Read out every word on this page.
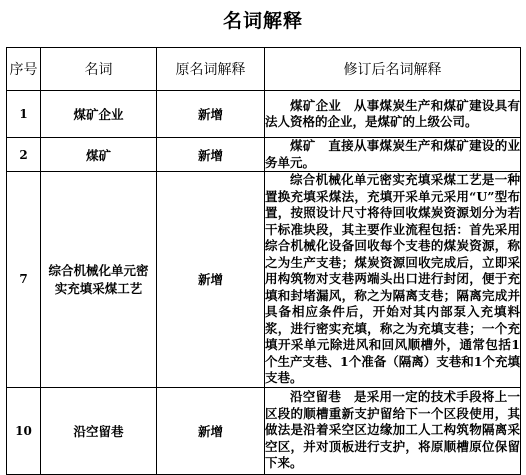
名词解释
序号	名词	原名词解释	修订后名词解释
1	煤矿企业	新增	煤矿企业　从事煤炭生产和煤矿建设具有法人资格的企业，是煤矿的上级公司。

2	煤矿	新增	煤矿　直接从事煤炭生产和煤矿建设的业务单元。

7	综合机械化单元密实充填采煤工艺	新增	综合机械化单元密实充填采煤工艺是一种置换充填采煤法，充填开采单元采用“U”型布置，按照设计尺寸将待回收煤炭资源划分为若干标准块段，其主要作业流程包括：首先采用综合机械化设备回收每个支巷的煤炭资源，称之为生产支巷；煤炭资源回收完成后，立即采用构筑物对支巷两端头出口进行封闭，便于充填和封堵漏风，称之为隔离支巷；隔离完成并具备相应条件后，开始对其内部泵入充填料浆，进行密实充填，称之为充填支巷；一个充填开采单元除进风和回风顺槽外，通常包括1个生产支巷、1个准备（隔离）支巷和1个充填支巷。

10	沿空留巷	新增	沿空留巷　是采用一定的技术手段将上一区段的顺槽重新支护留给下一个区段使用，其做法是沿着采空区边缘加工人工构筑物隔离采空区，并对顶板进行支护，将原顺槽原位保留下来。
